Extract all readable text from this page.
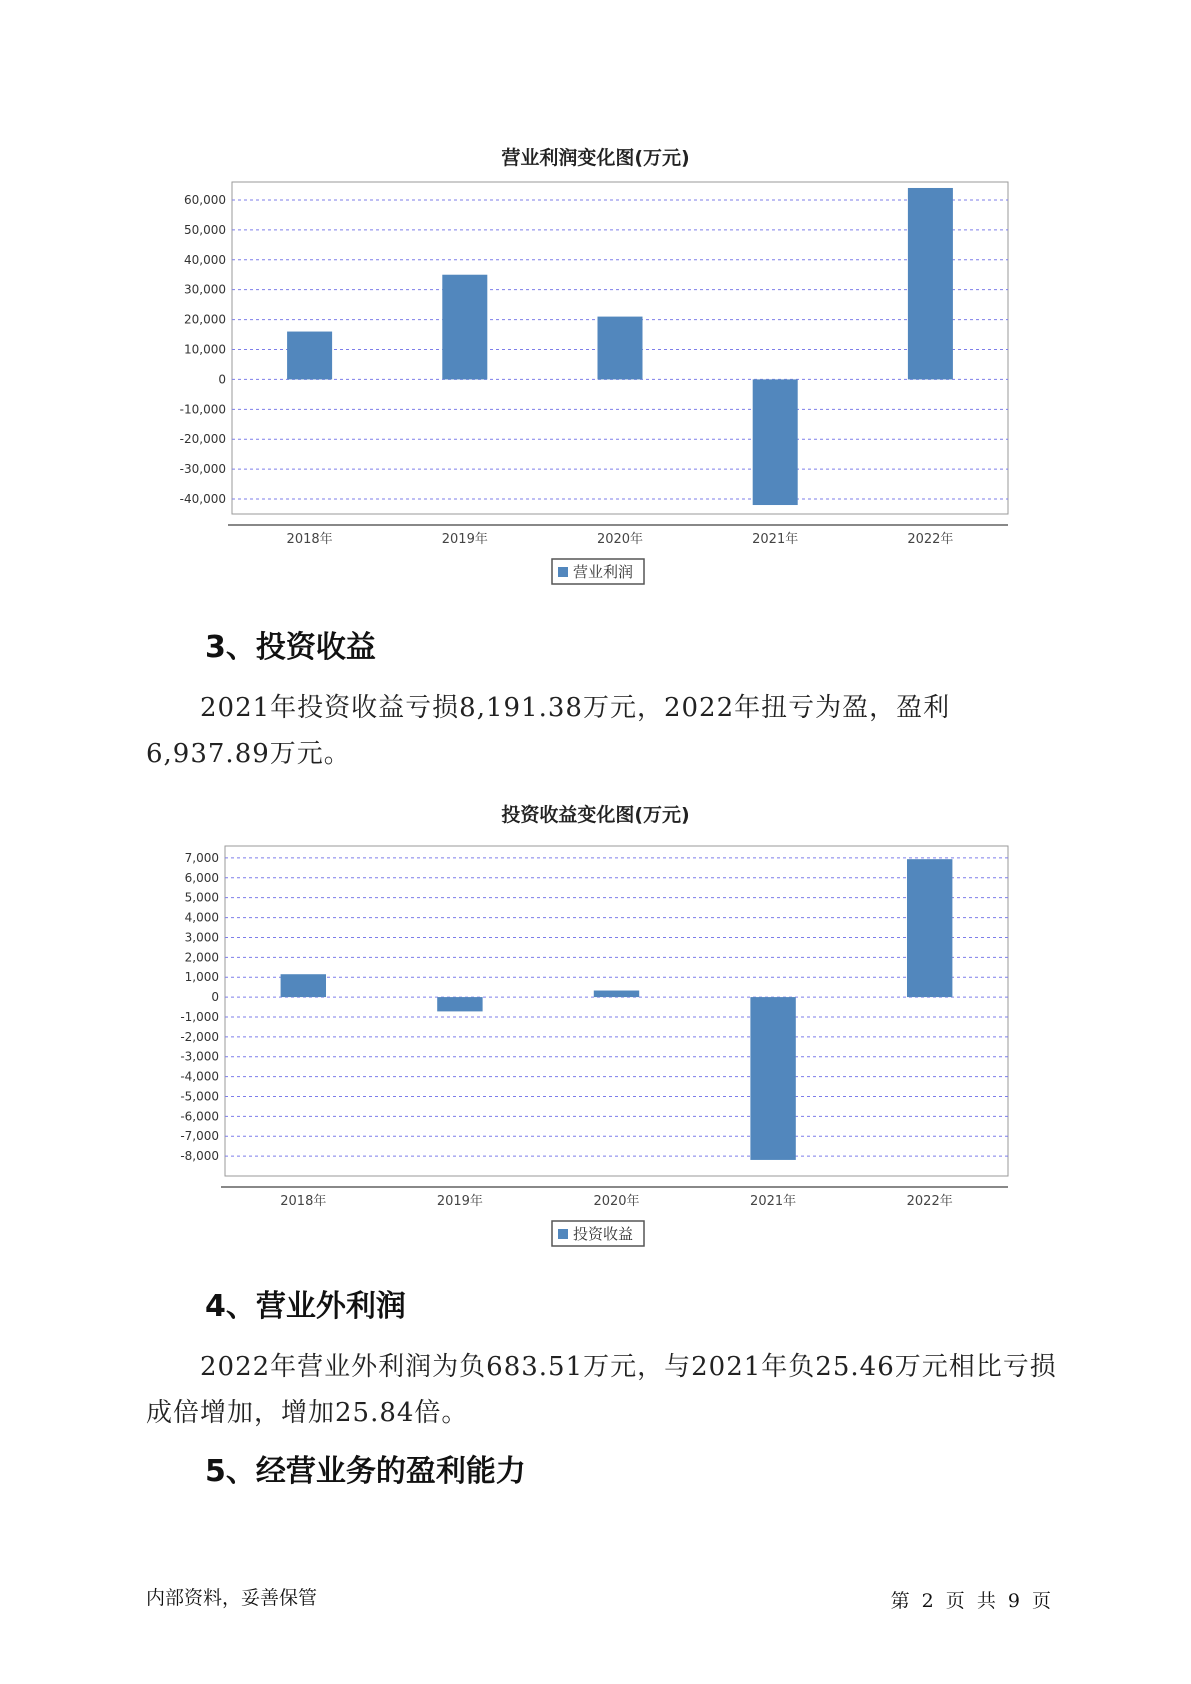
营业利润变化图(万元)
60,000
50,000
40,000
30,000
20,000
10,000
0
-10,000
-20,000
-30,000
-40,000
2018年	2019年	2020年	2021年	2022年
营业利润
3、投资收益
2021年投资收益亏损8,191.38万元，2022年扭亏为盈，盈利6,937.89万元。
投资收益变化图(万元)
7,000
6,000
5,000
4,000
3,000
2,000
1,000
0
-1,000
-2,000
-3,000
-4,000
-5,000
-6,000
-7,000
-8,000
2018年	2019年	2020年	2021年	2022年
投资收益
4、营业外利润
2022年营业外利润为负683.51万元，与2021年负25.46万元相比亏损成倍增加，增加25.84倍。
5、经营业务的盈利能力
内部资料，妥善保管	第 2 页 共 9 页
